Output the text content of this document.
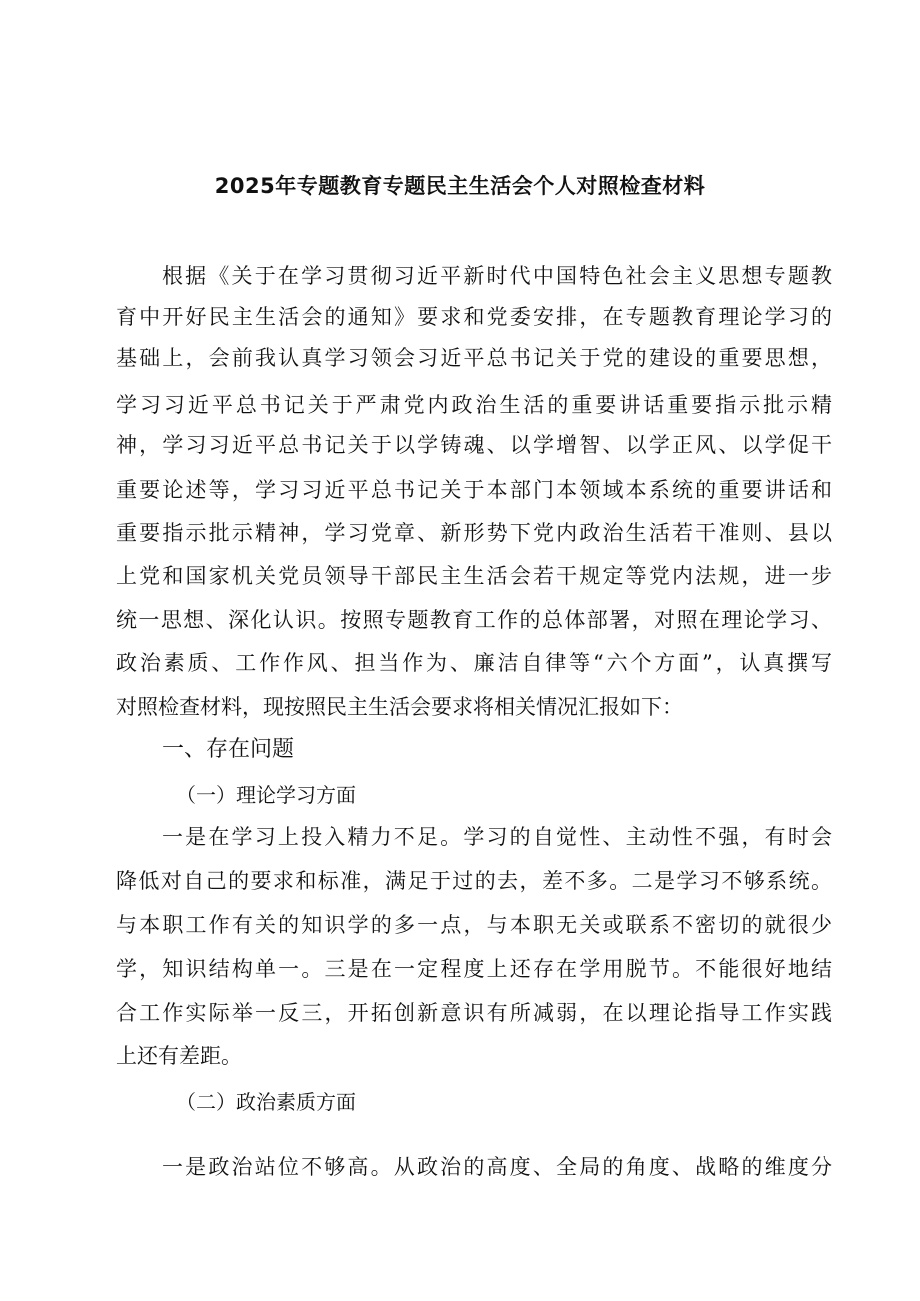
2025年专题教育专题民主生活会个人对照检查材料
根据《关于在学习贯彻习近平新时代中国特色社会主义思想专题教
育中开好民主生活会的通知》要求和党委安排，在专题教育理论学习的
基础上，会前我认真学习领会习近平总书记关于党的建设的重要思想，
学习习近平总书记关于严肃党内政治生活的重要讲话重要指示批示精
神，学习习近平总书记关于以学铸魂、以学增智、以学正风、以学促干
重要论述等，学习习近平总书记关于本部门本领域本系统的重要讲话和
重要指示批示精神，学习党章、新形势下党内政治生活若干准则、县以
上党和国家机关党员领导干部民主生活会若干规定等党内法规，进一步
统一思想、深化认识。按照专题教育工作的总体部署，对照在理论学习、
政治素质、工作作风、担当作为、廉洁自律等“六个方面”，认真撰写
对照检查材料，现按照民主生活会要求将相关情况汇报如下：
一、存在问题
（一）理论学习方面
一是在学习上投入精力不足。学习的自觉性、主动性不强，有时会
降低对自己的要求和标准，满足于过的去，差不多。二是学习不够系统。
与本职工作有关的知识学的多一点，与本职无关或联系不密切的就很少
学，知识结构单一。三是在一定程度上还存在学用脱节。不能很好地结
合工作实际举一反三，开拓创新意识有所减弱，在以理论指导工作实践
上还有差距。
（二）政治素质方面
一是政治站位不够高。从政治的高度、全局的角度、战略的维度分
